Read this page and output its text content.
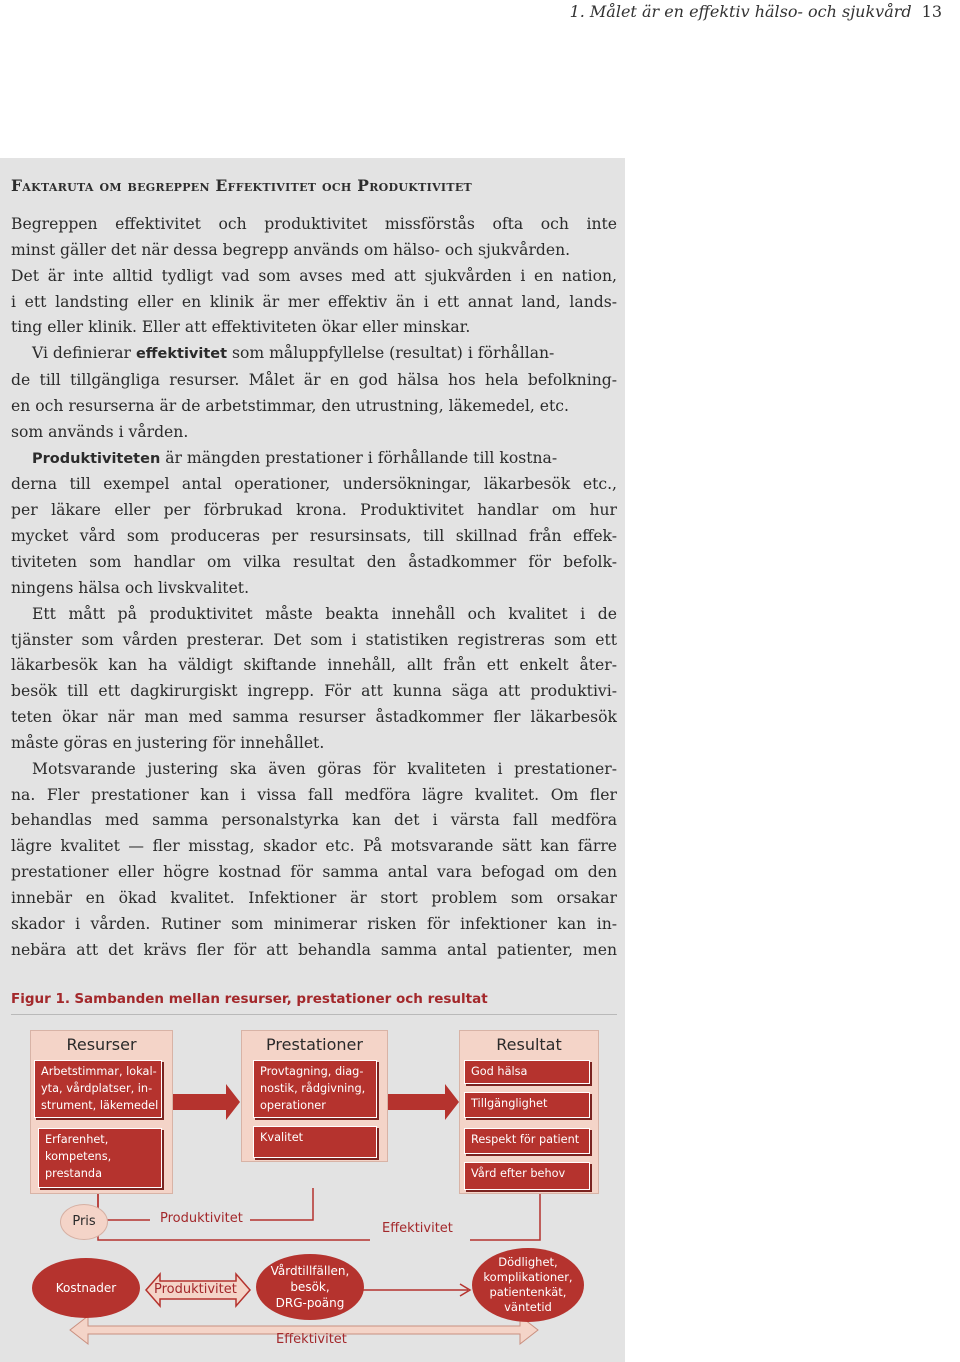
1. Målet är en effektiv hälso- och sjukvård 13
Faktaruta om begreppen Effektivitet och Produktivitet
Begreppen effektivitet och produktivitet missförstås ofta och inte
minst gäller det när dessa begrepp används om hälso- och sjukvården.
Det är inte alltid tydligt vad som avses med att sjukvården i en nation,
i ett landsting eller en klinik är mer effektiv än i ett annat land, lands-
ting eller klinik. Eller att effektiviteten ökar eller minskar.
Vi definierar effektivitet som måluppfyllelse (resultat) i förhållan-
de till tillgängliga resurser. Målet är en god hälsa hos hela befolkning-
en och resurserna är de arbetstimmar, den utrustning, läkemedel, etc.
som används i vården.
Produktiviteten är mängden prestationer i förhållande till kostna-
derna till exempel antal operationer, undersökningar, läkarbesök etc.,
per läkare eller per förbrukad krona. Produktivitet handlar om hur
mycket vård som produceras per resursinsats, till skillnad från effek-
tiviteten som handlar om vilka resultat den åstadkommer för befolk-
ningens hälsa och livskvalitet.
Ett mått på produktivitet måste beakta innehåll och kvalitet i de
tjänster som vården presterar. Det som i statistiken registreras som ett
läkarbesök kan ha väldigt skiftande innehåll, allt från ett enkelt åter-
besök till ett dagkirurgiskt ingrepp. För att kunna säga att produktivi-
teten ökar när man med samma resurser åstadkommer fler läkarbesök
måste göras en justering för innehållet.
Motsvarande justering ska även göras för kvaliteten i prestationer-
na. Fler prestationer kan i vissa fall medföra lägre kvalitet. Om fler
behandlas med samma personalstyrka kan det i värsta fall medföra
lägre kvalitet — fler misstag, skador etc. På motsvarande sätt kan färre
prestationer eller högre kostnad för samma antal vara befogad om den
innebär en ökad kvalitet. Infektioner är stort problem som orsakar
skador i vården. Rutiner som minimerar risken för infektioner kan in-
nebära att det krävs fler för att behandla samma antal patienter, men
Figur 1. Sambanden mellan resurser, prestationer och resultat
Resurser	Prestationer	Resultat
Arbetstimmar, lokal-
yta, vårdplatser, in-
strument, läkemedel
Erfarenhet,
kompetens,
prestanda
Provtagning, diag-
nostik, rådgivning,
operationer
Kvalitet
God hälsa
Tillgänglighet
Respekt för patient
Vård efter behov
Pris
Kostnader
Vårdtillfällen,
besök,
DRG-poäng
Dödlighet,
komplikationer,
patientenkät,
väntetid
Produktivitet
Effektivitet
Produktivitet
Effektivitet
